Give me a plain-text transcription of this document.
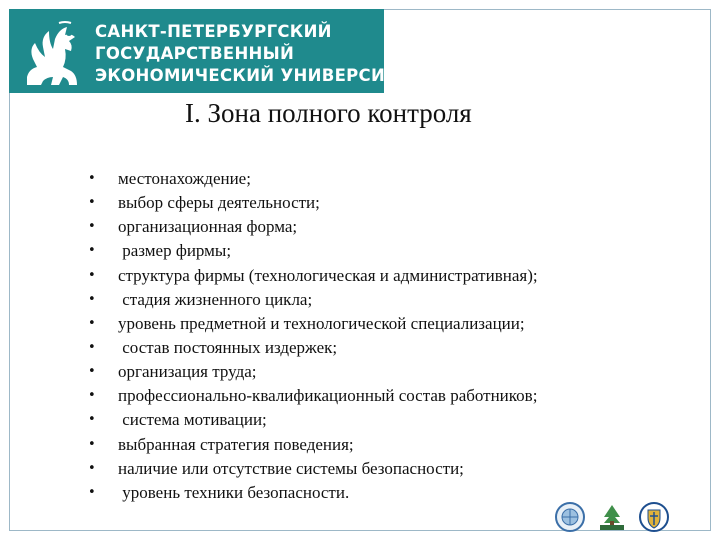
САНКТ-ПЕТЕРБУРГСКИЙ
ГОСУДАРСТВЕННЫЙ
ЭКОНОМИЧЕСКИЙ УНИВЕРСИТЕТ
I. Зона полного контроля
• местонахождение;
• выбор сферы деятельности;
• организационная форма;
• размер фирмы;
• структура фирмы (технологическая и административная);
• стадия жизненного цикла;
• уровень предметной и технологической специализации;
• состав постоянных издержек;
• организация труда;
• профессионально-квалификационный состав работников;
• система мотивации;
• выбранная стратегия поведения;
• наличие или отсутствие системы безопасности;
• уровень техники безопасности.
